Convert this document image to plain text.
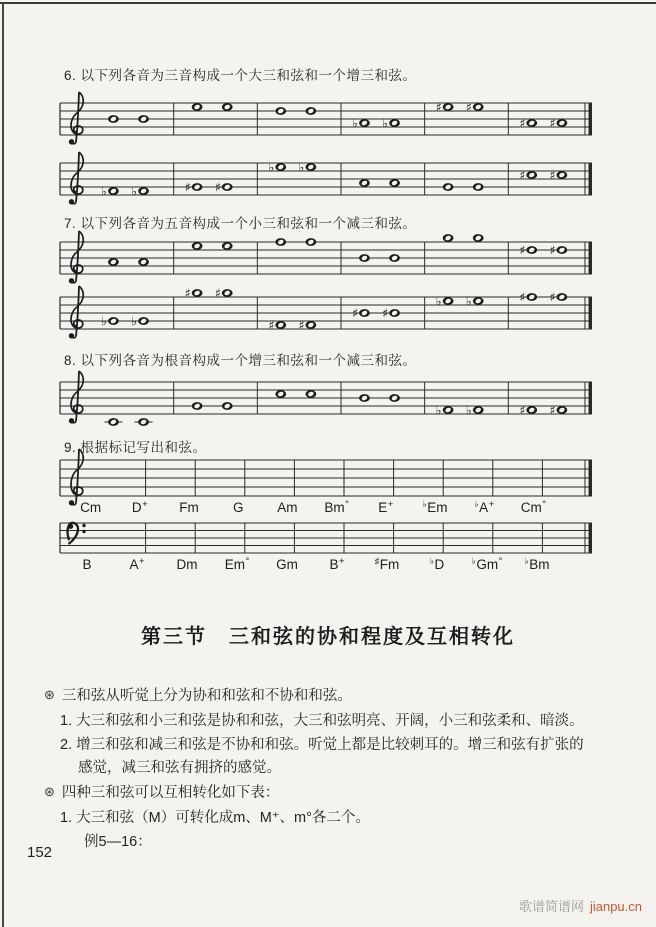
6. 以下列各音为三音构成一个大三和弦和一个增三和弦。
♭ ♭
♯ ♯
♯ ♯
♭ ♭	♯ ♯
♭ ♭
♯ ♯
7. 以下列各音为五音构成一个小三和弦和一个减三和弦。
♯ ♯
♭ ♭
♯ ♯
♯ ♯
♯ ♯
♭ ♭	♯ ♯
8. 以下列各音为根音构成一个增三和弦和一个减三和弦。
♭ ♭	♯ ♯
9. 根据标记写出和弦。
Cm	D+	Fm	G	Am	Bm°	E+	♭Em	♭A+	Cm°
B	A+	Dm	Em°	Gm	B+	♯Fm	♭D	♭Gm°	♭Bm
第三节　三和弦的协和程度及互相转化
⊛ 三和弦从听觉上分为协和和弦和不协和和弦。
1. 大三和弦和小三和弦是协和和弦，大三和弦明亮、开阔，小三和弦柔和、暗淡。
2. 增三和弦和减三和弦是不协和和弦。听觉上都是比较刺耳的。增三和弦有扩张的
感觉，减三和弦有拥挤的感觉。
⊛ 四种三和弦可以互相转化如下表：
1. 大三和弦（M）可转化成m、M⁺、m°各二个。
例5—16：
152
歌谱简谱网 jianpu.cn
